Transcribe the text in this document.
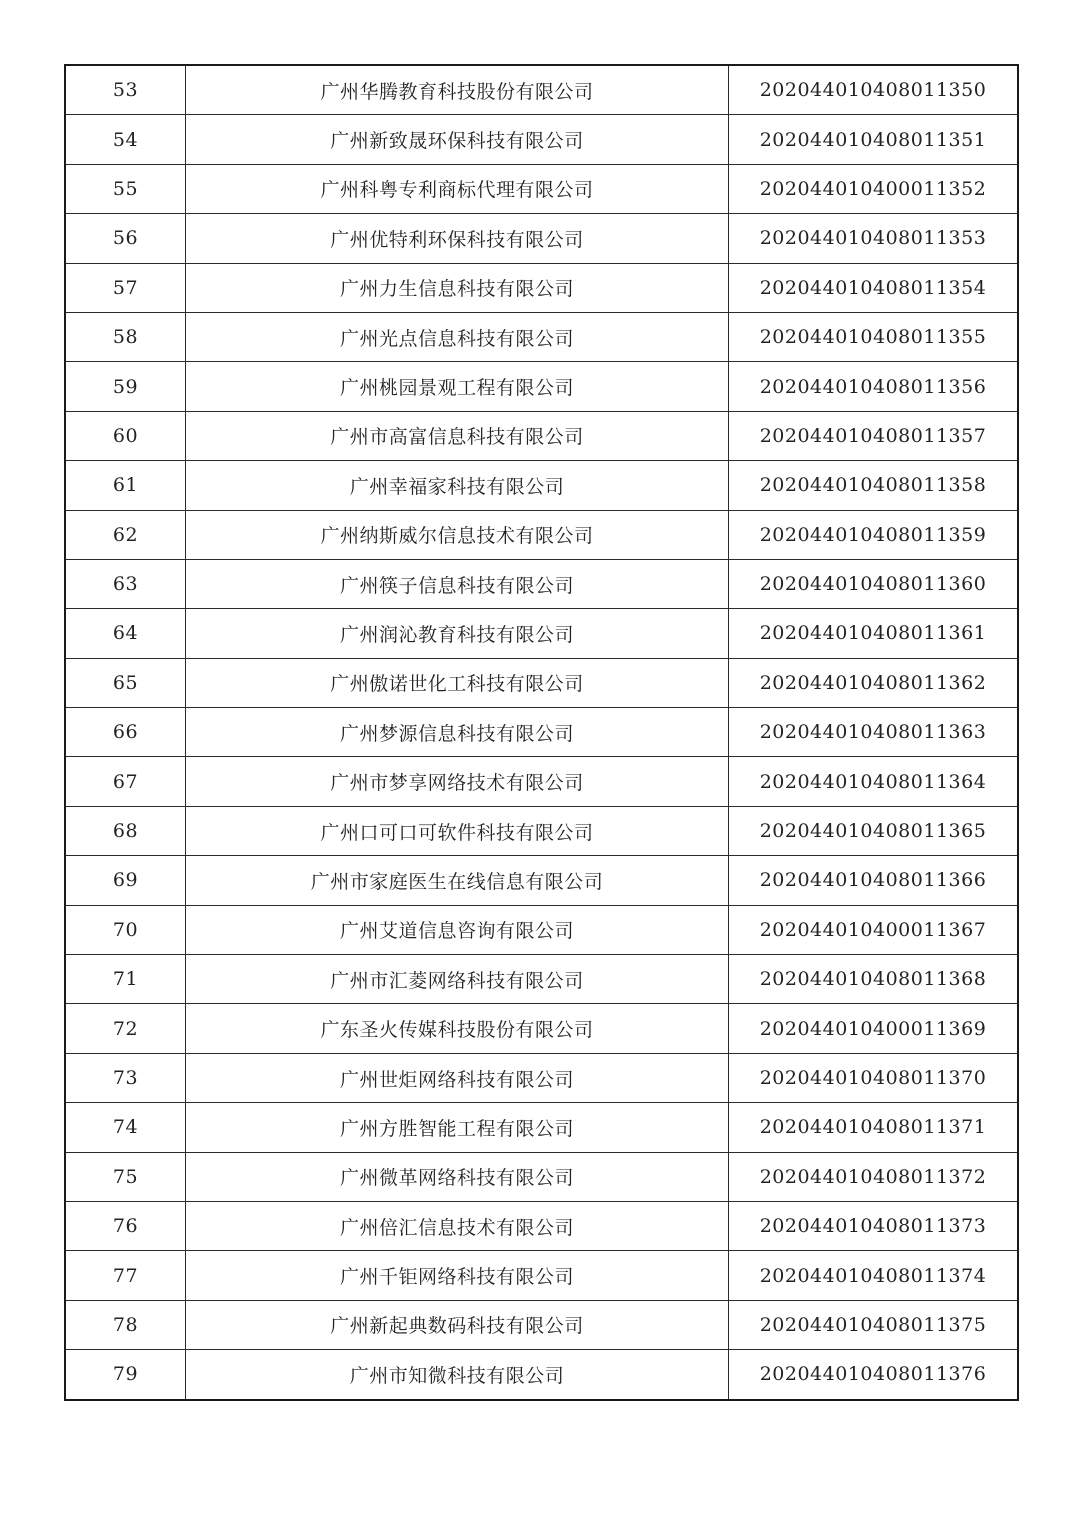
53	广州华腾教育科技股份有限公司	202044010408011350
54	广州新致晟环保科技有限公司	202044010408011351
55	广州科粤专利商标代理有限公司	202044010400011352
56	广州优特利环保科技有限公司	202044010408011353
57	广州力生信息科技有限公司	202044010408011354
58	广州光点信息科技有限公司	202044010408011355
59	广州桃园景观工程有限公司	202044010408011356
60	广州市高富信息科技有限公司	202044010408011357
61	广州幸福家科技有限公司	202044010408011358
62	广州纳斯威尔信息技术有限公司	202044010408011359
63	广州筷子信息科技有限公司	202044010408011360
64	广州润沁教育科技有限公司	202044010408011361
65	广州傲诺世化工科技有限公司	202044010408011362
66	广州梦源信息科技有限公司	202044010408011363
67	广州市梦享网络技术有限公司	202044010408011364
68	广州口可口可软件科技有限公司	202044010408011365
69	广州市家庭医生在线信息有限公司	202044010408011366
70	广州艾道信息咨询有限公司	202044010400011367
71	广州市汇菱网络科技有限公司	202044010408011368
72	广东圣火传媒科技股份有限公司	202044010400011369
73	广州世炬网络科技有限公司	202044010408011370
74	广州方胜智能工程有限公司	202044010408011371
75	广州微革网络科技有限公司	202044010408011372
76	广州倍汇信息技术有限公司	202044010408011373
77	广州千钜网络科技有限公司	202044010408011374
78	广州新起典数码科技有限公司	202044010408011375
79	广州市知微科技有限公司	202044010408011376
